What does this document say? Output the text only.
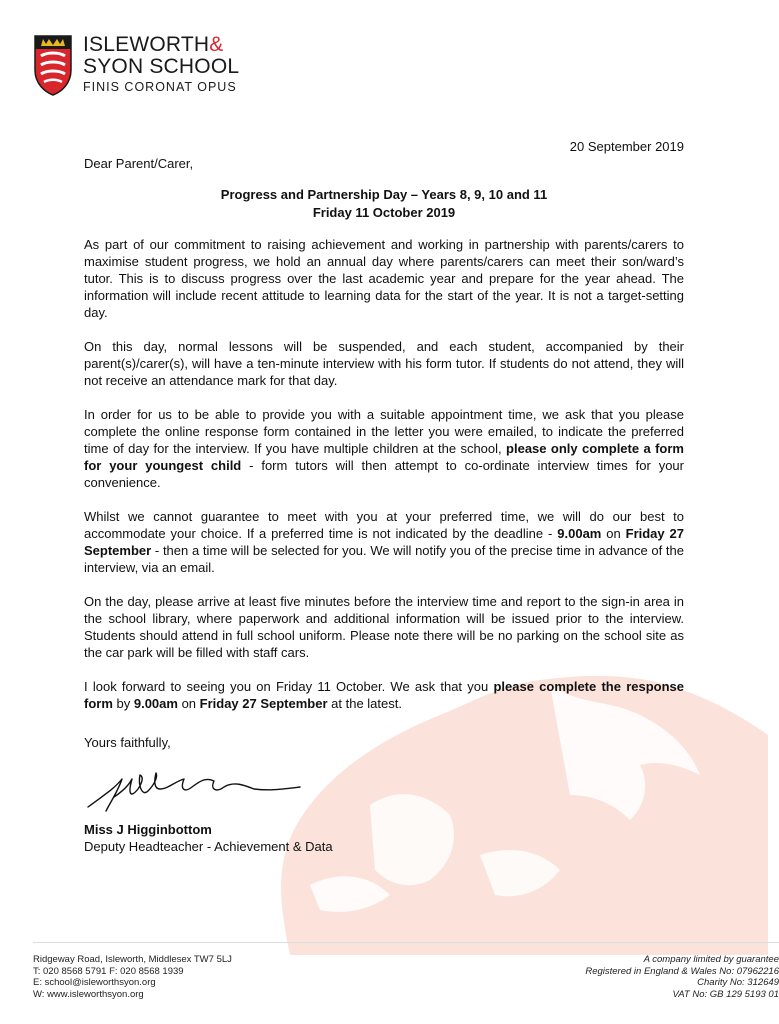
ISLEWORTH&
SYON SCHOOL
FINIS CORONAT OPUS
20 September 2019
Dear Parent/Carer,
Progress and Partnership Day – Years 8, 9, 10 and 11
Friday 11 October 2019

As part of our commitment to raising achievement and working in partnership with parents/carers to maximise student progress, we hold an annual day where parents/carers can meet their son/ward’s tutor. This is to discuss progress over the last academic year and prepare for the year ahead. The information will include recent attitude to learning data for the start of the year. It is not a target-setting day.

On this day, normal lessons will be suspended, and each student, accompanied by their parent(s)/carer(s), will have a ten-minute interview with his form tutor. If students do not attend, they will not receive an attendance mark for that day.

In order for us to be able to provide you with a suitable appointment time, we ask that you please complete the online response form contained in the letter you were emailed, to indicate the preferred time of day for the interview. If you have multiple children at the school, please only complete a form for your youngest child - form tutors will then attempt to co-ordinate interview times for your convenience.

Whilst we cannot guarantee to meet with you at your preferred time, we will do our best to accommodate your choice. If a preferred time is not indicated by the deadline - 9.00am on Friday 27 September - then a time will be selected for you. We will notify you of the precise time in advance of the interview, via an email.

On the day, please arrive at least five minutes before the interview time and report to the sign-in area in the school library, where paperwork and additional information will be issued prior to the interview. Students should attend in full school uniform. Please note there will be no parking on the school site as the car park will be filled with staff cars.

I look forward to seeing you on Friday 11 October. We ask that you please complete the response form by 9.00am on Friday 27 September at the latest.

Yours faithfully,
Miss J Higginbottom
Deputy Headteacher - Achievement & Data
Ridgeway Road, Isleworth, Middlesex TW7 5LJ
T: 020 8568 5791 F: 020 8568 1939
E: school@isleworthsyon.org
W: www.isleworthsyon.org
A company limited by guarantee
Registered in England & Wales No: 07962216
Charity No: 312649
VAT No: GB 129 5193 01
